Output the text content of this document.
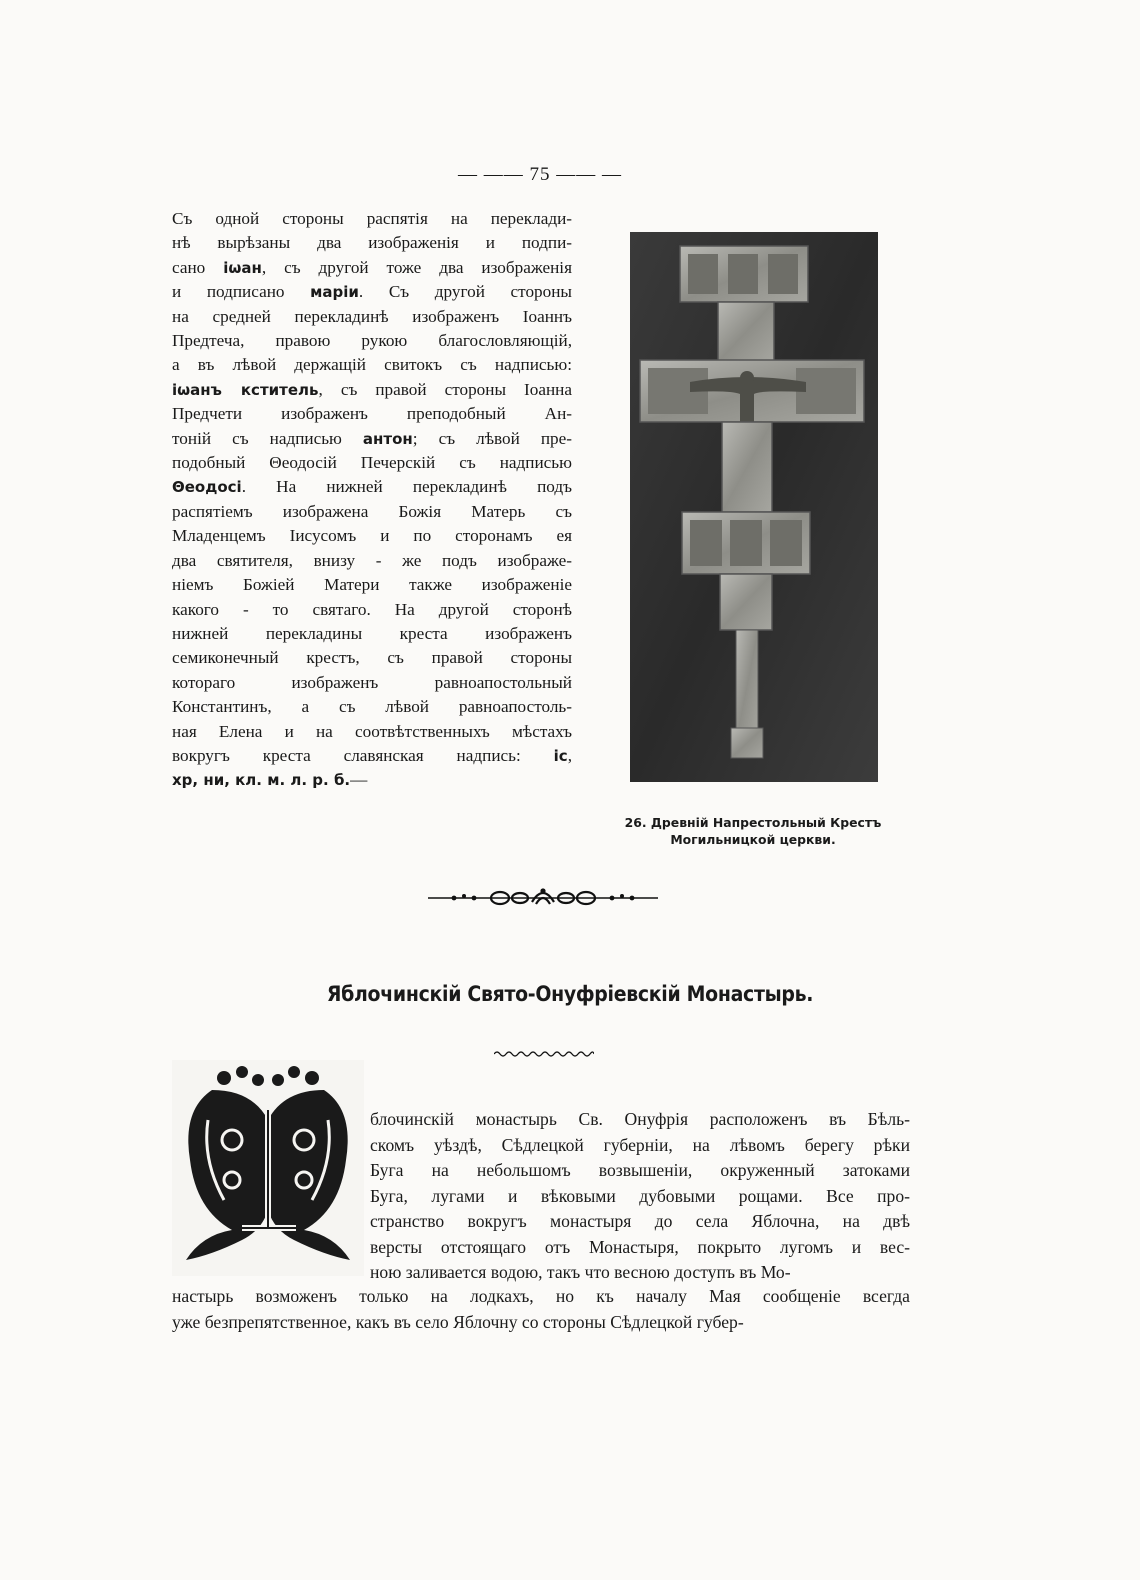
— —— 75 —— —
Съ одной стороны распятія на переклади-
нѣ вырѣзаны два изображенія и подпи-
сано іωан, съ другой тоже два изображенія
и подписано маріи. Съ другой стороны
на средней перекладинѣ изображенъ Іоаннъ
Предтеча, правою рукою благословляющій,
а въ лѣвой держащій свитокъ съ надписью:
іωанъ кститель, съ правой стороны Іоанна
Предчети изображенъ преподобный Ан-
тоній съ надписью антон; съ лѣвой пре-
подобный Θеодосій Печерскій съ надписью
Θеодосі. На нижней перекладинѣ подъ
распятіемъ изображена Божія Матерь съ
Младенцемъ Іисусомъ и по сторонамъ ея
два святителя, внизу - же подъ изображе-
ніемъ Божіей Матери также изображеніе
какого - то святаго. На другой сторонѣ
нижней перекладины креста изображенъ
семиконечный крестъ, съ правой стороны
котораго изображенъ равноапостольный
Константинъ, а съ лѣвой равноапостоль-
ная Елена и на соотвѣтственныхъ мѣстахъ
вокругъ креста славянская надпись: іс,
хр, ни, кл. м. л. р. б.—
26. Древній Напрестольный Крестъ
Могильницкой церкви.
Яблочинскій Свято-Онуфріевскій Монастырь.
блочинскій монастырь Св. Онуфрія расположенъ въ Бѣль-
скомъ уѣздѣ, Сѣдлецкой губерніи, на лѣвомъ берегу рѣки
Буга на небольшомъ возвышеніи, окруженный затоками
Буга, лугами и вѣковыми дубовыми рощами. Все про-
странство вокругъ монастыря до села Яблочна, на двѣ
версты отстоящаго отъ Монастыря, покрыто лугомъ и вес-
ною заливается водою, такъ что весною доступъ въ Мо-
настырь возможенъ только на лодкахъ, но къ началу Мая сообщеніе всегда
уже безпрепятственное, какъ въ село Яблочну со стороны Сѣдлецкой губер-
